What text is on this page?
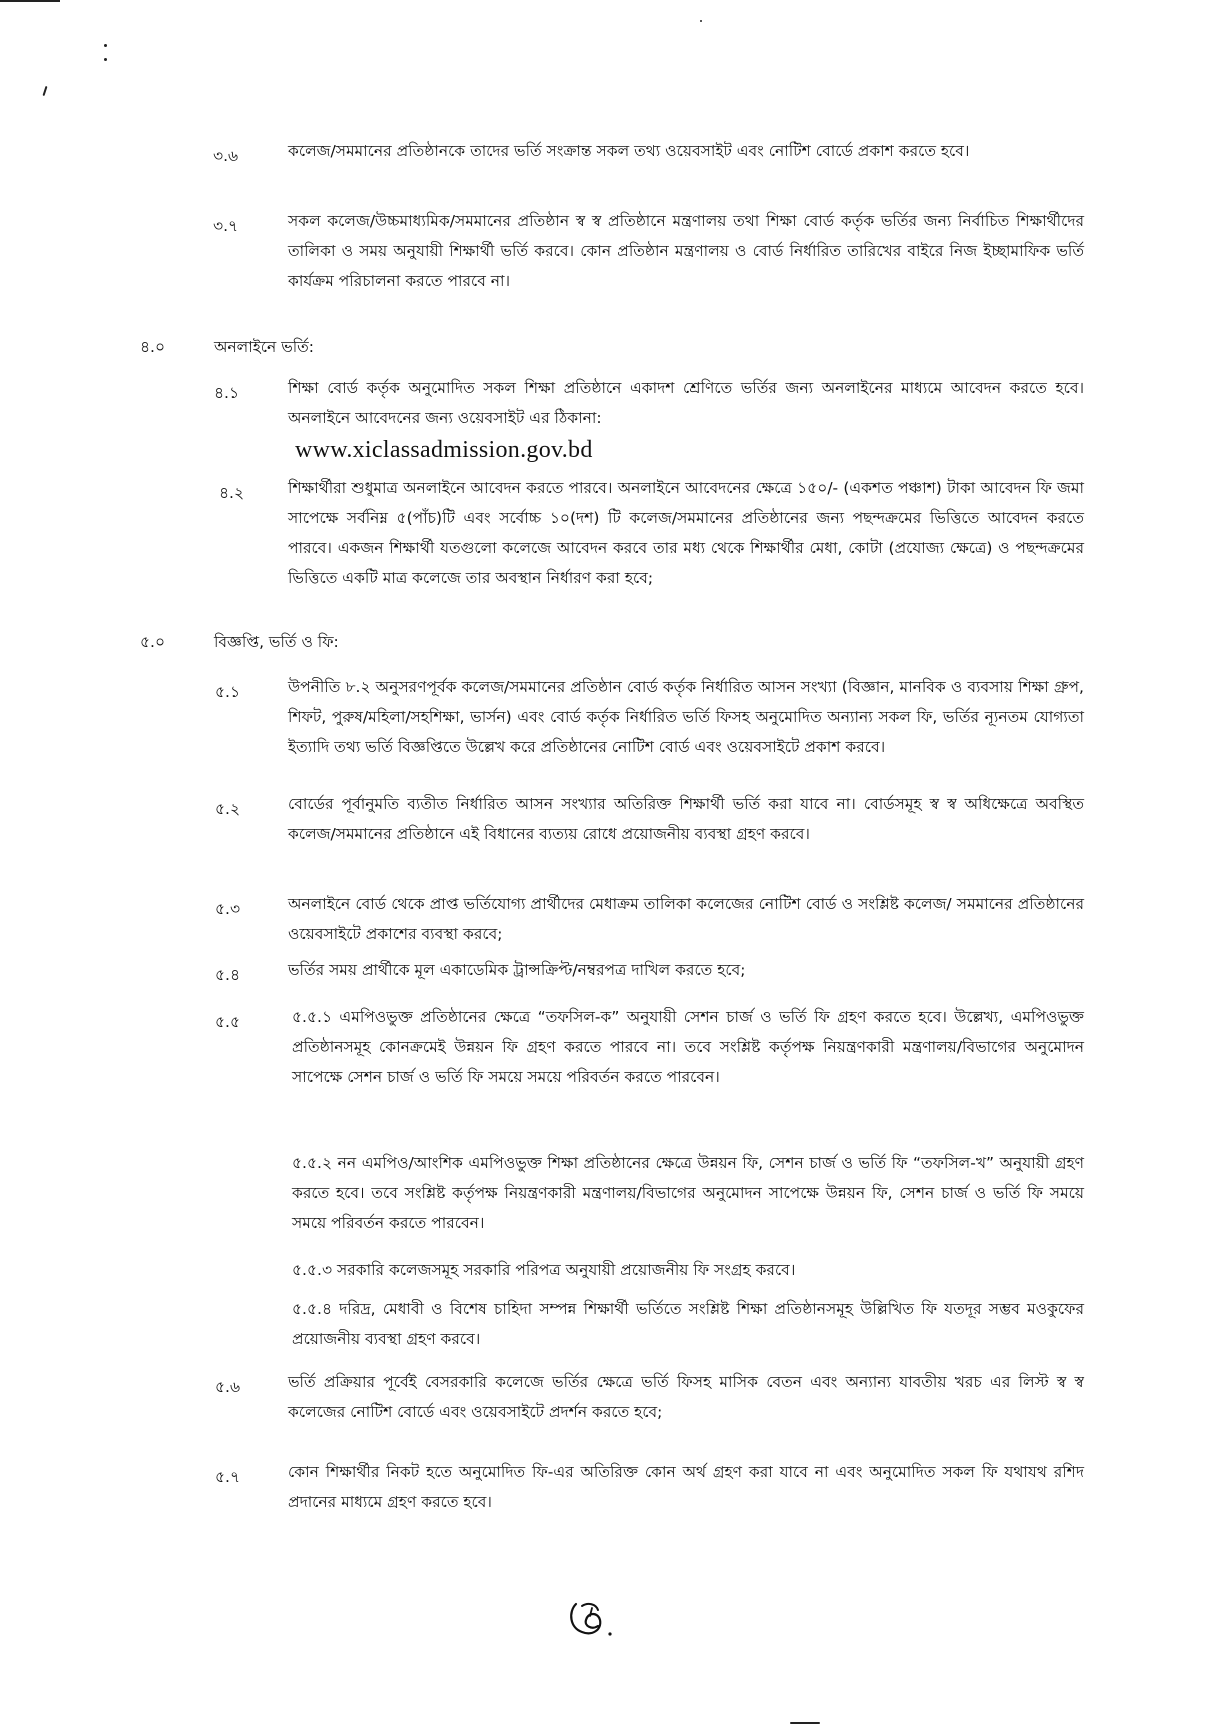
৩.৬	কলেজ/সমমানের প্রতিষ্ঠানকে তাদের ভর্তি সংক্রান্ত সকল তথ্য ওয়েবসাইট এবং নোটিশ বোর্ডে প্রকাশ করতে হবে।
৩.৭	সকল কলেজ/উচ্চমাধ্যমিক/সমমানের প্রতিষ্ঠান স্ব স্ব প্রতিষ্ঠানে মন্ত্রণালয় তথা শিক্ষা বোর্ড কর্তৃক ভর্তির জন্য নির্বাচিত শিক্ষার্থীদের তালিকা ও সময় অনুযায়ী শিক্ষার্থী ভর্তি করবে। কোন প্রতিষ্ঠান মন্ত্রণালয় ও বোর্ড নির্ধারিত তারিখের বাইরে নিজ ইচ্ছামাফিক ভর্তি কার্যক্রম পরিচালনা করতে পারবে না।
৪.০	অনলাইনে ভর্তি:
৪.১	শিক্ষা বোর্ড কর্তৃক অনুমোদিত সকল শিক্ষা প্রতিষ্ঠানে একাদশ শ্রেণিতে ভর্তির জন্য অনলাইনের মাধ্যমে আবেদন করতে হবে। অনলাইনে আবেদনের জন্য ওয়েবসাইট এর ঠিকানা:
www.xiclassadmission.gov.bd
৪.২	শিক্ষার্থীরা শুধুমাত্র অনলাইনে আবেদন করতে পারবে। অনলাইনে আবেদনের ক্ষেত্রে ১৫০/- (একশত পঞ্চাশ) টাকা আবেদন ফি জমা সাপেক্ষে সর্বনিম্ন ৫(পাঁচ)টি এবং সর্বোচ্চ ১০(দশ) টি কলেজ/সমমানের প্রতিষ্ঠানের জন্য পছন্দক্রমের ভিত্তিতে আবেদন করতে পারবে। একজন শিক্ষার্থী যতগুলো কলেজে আবেদন করবে তার মধ্য থেকে শিক্ষার্থীর মেধা, কোটা (প্রযোজ্য ক্ষেত্রে) ও পছন্দক্রমের ভিত্তিতে একটি মাত্র কলেজে তার অবস্থান নির্ধারণ করা হবে;
৫.০	বিজ্ঞপ্তি, ভর্তি ও ফি:
৫.১	উপনীতি ৮.২ অনুসরণপূর্বক কলেজ/সমমানের প্রতিষ্ঠান বোর্ড কর্তৃক নির্ধারিত আসন সংখ্যা (বিজ্ঞান, মানবিক ও ব্যবসায় শিক্ষা গ্রুপ, শিফট, পুরুষ/মহিলা/সহশিক্ষা, ভার্সন) এবং বোর্ড কর্তৃক নির্ধারিত ভর্তি ফিসহ অনুমোদিত অন্যান্য সকল ফি, ভর্তির ন্যূনতম যোগ্যতা ইত্যাদি তথ্য ভর্তি বিজ্ঞপ্তিতে উল্লেখ করে প্রতিষ্ঠানের নোটিশ বোর্ড এবং ওয়েবসাইটে প্রকাশ করবে।
৫.২	বোর্ডের পূর্বানুমতি ব্যতীত নির্ধারিত আসন সংখ্যার অতিরিক্ত শিক্ষার্থী ভর্তি করা যাবে না। বোর্ডসমূহ স্ব স্ব অধিক্ষেত্রে অবস্থিত কলেজ/সমমানের প্রতিষ্ঠানে এই বিধানের ব্যত্যয় রোধে প্রয়োজনীয় ব্যবস্থা গ্রহণ করবে।
৫.৩	অনলাইনে বোর্ড থেকে প্রাপ্ত ভর্তিযোগ্য প্রার্থীদের মেধাক্রম তালিকা কলেজের নোটিশ বোর্ড ও সংশ্লিষ্ট কলেজ/ সমমানের প্রতিষ্ঠানের ওয়েবসাইটে প্রকাশের ব্যবস্থা করবে;
৫.৪	ভর্তির সময় প্রার্থীকে মূল একাডেমিক ট্রান্সক্রিপ্ট/নম্বরপত্র দাখিল করতে হবে;
৫.৫	৫.৫.১ এমপিওভুক্ত প্রতিষ্ঠানের ক্ষেত্রে “তফসিল-ক” অনুযায়ী সেশন চার্জ ও ভর্তি ফি গ্রহণ করতে হবে। উল্লেখ্য, এমপিওভুক্ত প্রতিষ্ঠানসমূহ কোনক্রমেই উন্নয়ন ফি গ্রহণ করতে পারবে না। তবে সংশ্লিষ্ট কর্তৃপক্ষ নিয়ন্ত্রণকারী মন্ত্রণালয়/বিভাগের অনুমোদন সাপেক্ষে সেশন চার্জ ও ভর্তি ফি সময়ে সময়ে পরিবর্তন করতে পারবেন।
৫.৫.২ নন এমপিও/আংশিক এমপিওভুক্ত শিক্ষা প্রতিষ্ঠানের ক্ষেত্রে উন্নয়ন ফি, সেশন চার্জ ও ভর্তি ফি “তফসিল-খ” অনুযায়ী গ্রহণ করতে হবে। তবে সংশ্লিষ্ট কর্তৃপক্ষ নিয়ন্ত্রণকারী মন্ত্রণালয়/বিভাগের অনুমোদন সাপেক্ষে উন্নয়ন ফি, সেশন চার্জ ও ভর্তি ফি সময়ে সময়ে পরিবর্তন করতে পারবেন।
৫.৫.৩ সরকারি কলেজসমূহ সরকারি পরিপত্র অনুযায়ী প্রয়োজনীয় ফি সংগ্রহ করবে।
৫.৫.৪ দরিদ্র, মেধাবী ও বিশেষ চাহিদা সম্পন্ন শিক্ষার্থী ভর্তিতে সংশ্লিষ্ট শিক্ষা প্রতিষ্ঠানসমূহ উল্লিখিত ফি যতদূর সম্ভব মওকুফের প্রয়োজনীয় ব্যবস্থা গ্রহণ করবে।
৫.৬	ভর্তি প্রক্রিয়ার পূর্বেই বেসরকারি কলেজে ভর্তির ক্ষেত্রে ভর্তি ফিসহ মাসিক বেতন এবং অন্যান্য যাবতীয় খরচ এর লিস্ট স্ব স্ব কলেজের নোটিশ বোর্ডে এবং ওয়েবসাইটে প্রদর্শন করতে হবে;
৫.৭	কোন শিক্ষার্থীর নিকট হতে অনুমোদিত ফি-এর অতিরিক্ত কোন অর্থ গ্রহণ করা যাবে না এবং অনুমোদিত সকল ফি যথাযথ রশিদ প্রদানের মাধ্যমে গ্রহণ করতে হবে।
